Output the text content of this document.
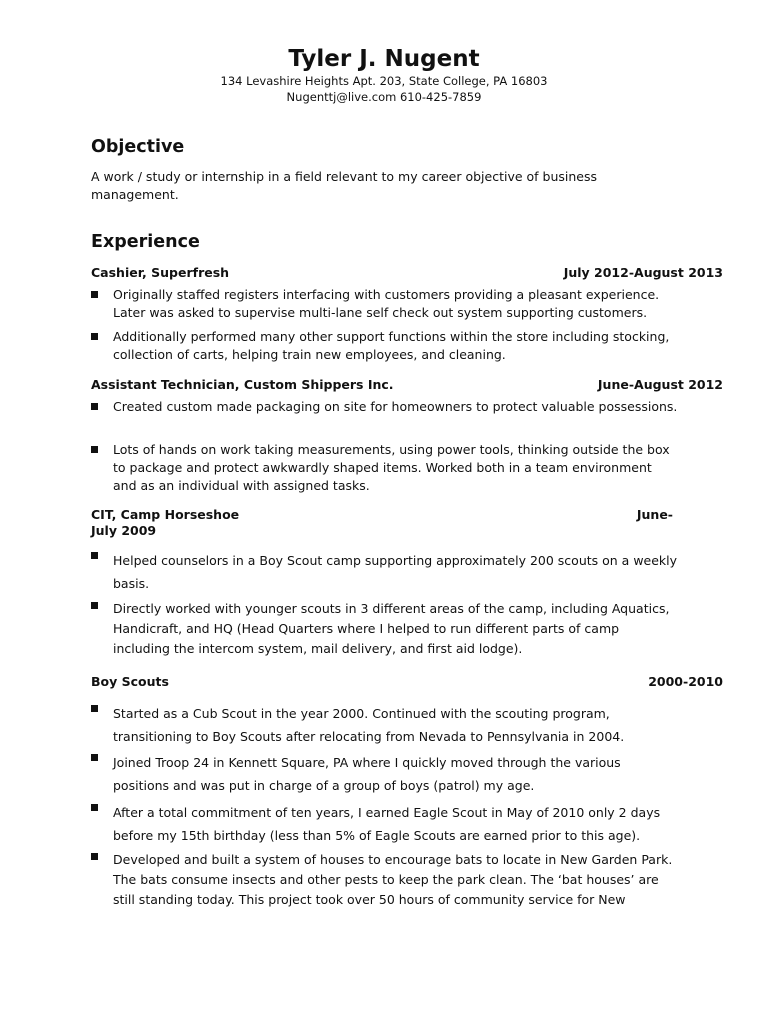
Tyler J. Nugent

134 Levashire Heights Apt. 203, State College, PA 16803

Nugenttj@live.com 610-425-7859

Objective

A work / study or internship in a field relevant to my career objective of business management.

Experience

Cashier, Superfresh	July 2012-August 2013
Originally staffed registers interfacing with customers providing a pleasant experience. Later was asked to supervise multi-lane self check out system supporting customers.
Additionally performed many other support functions within the store including stocking, collection of carts, helping train new employees, and cleaning.
Assistant Technician, Custom Shippers Inc.	June-August 2012
Created custom made packaging on site for homeowners to protect valuable possessions.
Lots of hands on work taking measurements, using power tools, thinking outside the box to package and protect awkwardly shaped items. Worked both in a team environment and as an individual with assigned tasks.
CIT, Camp Horseshoe	June-
July 2009
Helped counselors in a Boy Scout camp supporting approximately 200 scouts on a weekly basis.
Directly worked with younger scouts in 3 different areas of the camp, including Aquatics, Handicraft, and HQ (Head Quarters where I helped to run different parts of camp including the intercom system, mail delivery, and first aid lodge).
Boy Scouts	2000-2010
Started as a Cub Scout in the year 2000. Continued with the scouting program, transitioning to Boy Scouts after relocating from Nevada to Pennsylvania in 2004.
Joined Troop 24 in Kennett Square, PA where I quickly moved through the various positions and was put in charge of a group of boys (patrol) my age.
After a total commitment of ten years, I earned Eagle Scout in May of 2010 only 2 days before my 15th birthday (less than 5% of Eagle Scouts are earned prior to this age).
Developed and built a system of houses to encourage bats to locate in New Garden Park. The bats consume insects and other pests to keep the park clean. The ‘bat houses’ are still standing today. This project took over 50 hours of community service for New
